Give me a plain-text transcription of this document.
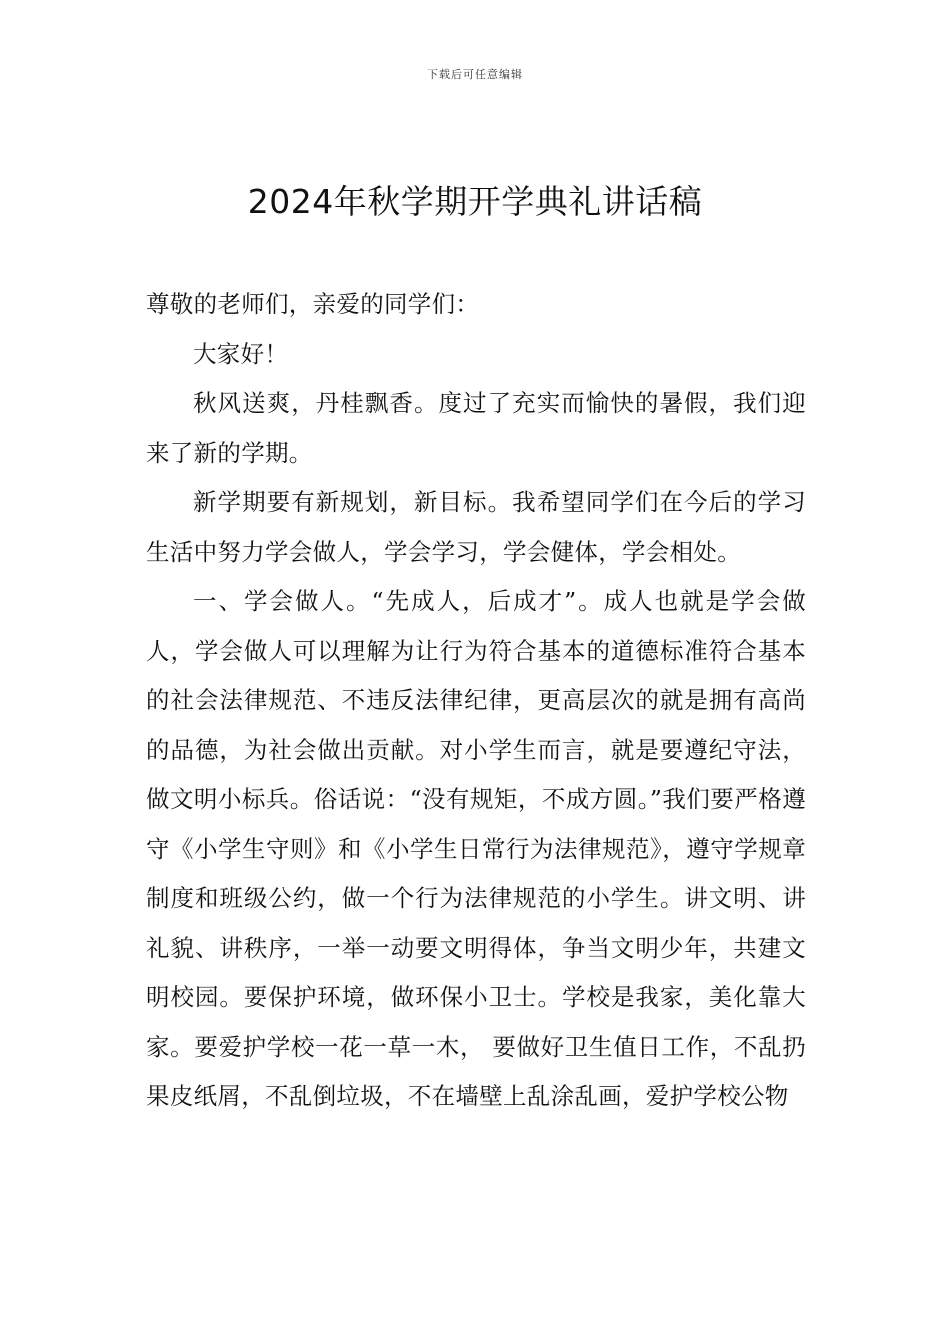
下载后可任意编辑
2024年秋学期开学典礼讲话稿

尊敬的老师们，亲爱的同学们：

大家好！

秋风送爽，丹桂飘香。度过了充实而愉快的暑假，我们迎来了新的学期。

新学期要有新规划，新目标。我希望同学们在今后的学习生活中努力学会做人，学会学习，学会健体，学会相处。

一、学会做人。“先成人，后成才”。成人也就是学会做人，学会做人可以理解为让行为符合基本的道德标准符合基本的社会法律规范、不违反法律纪律，更高层次的就是拥有高尚的品德，为社会做出贡献。对小学生而言，就是要遵纪守法，做文明小标兵。俗话说：“没有规矩，不成方圆。”我们要严格遵守《小学生守则》和《小学生日常行为法律规范》，遵守学规章制度和班级公约，做一个行为法律规范的小学生。讲文明、讲礼貌、讲秩序，一举一动要文明得体，争当文明少年，共建文明校园。要保护环境，做环保小卫士。学校是我家，美化靠大家。要爱护学校一花一草一木， 要做好卫生值日工作，不乱扔果皮纸屑，不乱倒垃圾，不在墙壁上乱涂乱画，爱护学校公物
